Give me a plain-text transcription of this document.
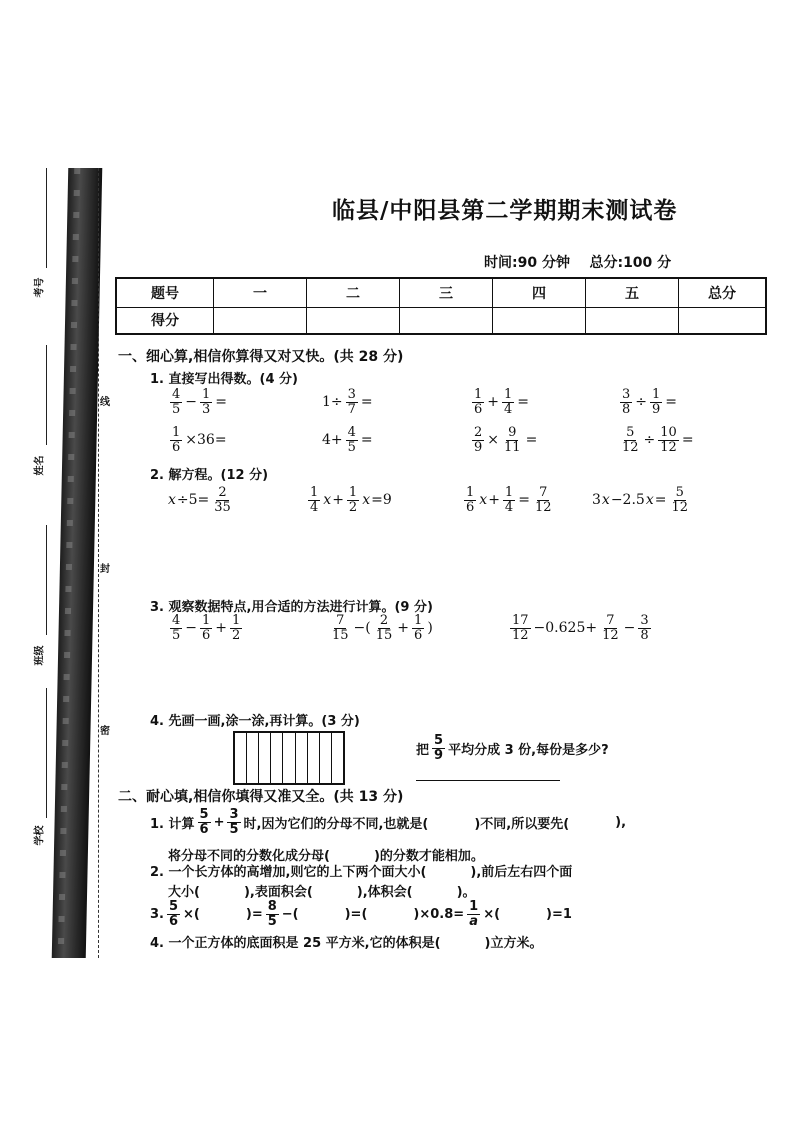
考号
姓名
班级
学校
线
封
密
临县/中阳县第二学期期末测试卷
时间:90 分钟 总分:100 分
题号	一	二	三	四	五	总分
得分						
一、细心算,相信你算得又对又快。(共 28 分)
1. 直接写出得数。(4 分)
$\frac{4}{5} - \frac{1}{3}$ =	$1\div \frac{3}{7}$ =	$\frac{1}{6} + \frac{1}{4}$ =	$\frac{3}{8} \div \frac{1}{9}$ =
$\frac{1}{6} \times 36=$	$4+ \frac{4}{5}$ =	$\frac{2}{9} \times \frac{9}{11}$ =	$\frac{5}{12} \div \frac{10}{12}$ =
2. 解方程。(12 分)
$x \div 5= \frac{2}{35}$	$\frac{1}{4}$ $x + \frac{1}{2}$ x =9	$\frac{1}{6}$ $x + \frac{1}{4} = \frac{7}{12}$	3 x −2.5 $x = \frac{5}{12}$
3. 观察数据特点,用合适的方法进行计算。(9 分)
$\frac{4}{5} - \frac{1}{6} + \frac{1}{2}$	$\frac{7}{15}$ −( $\frac{2}{15} + \frac{1}{6}$ )	$\frac{17}{12} -0.625+ \frac{7}{12} - \frac{3}{8}$
4. 先画一画,涂一涂,再计算。(3 分)
把 $\frac{5}{9}$ 平均分成 3 份,每份是多少?
二、耐心填,相信你填得又准又全。(共 13 分)
1. 计算 $\frac{5}{6} + \frac{3}{5}$ 时,因为它们的分母不同,也就是(	)不同,所以要先(	),
将分母不同的分数化成分母(	)的分数才能相加。
2. 一个长方体的高增加,则它的上下两个面大小(	),前后左右四个面
大小(	),表面积会(	),体积会(	)。
3. $\frac{5}{6}$ ×(	)= $\frac{8}{5}$ −(	)=(	)$\times 0.8= \frac{1}{a}$ ×(	)=1
4. 一个正方体的底面积是 25 平方米,它的体积是(	)立方米。
